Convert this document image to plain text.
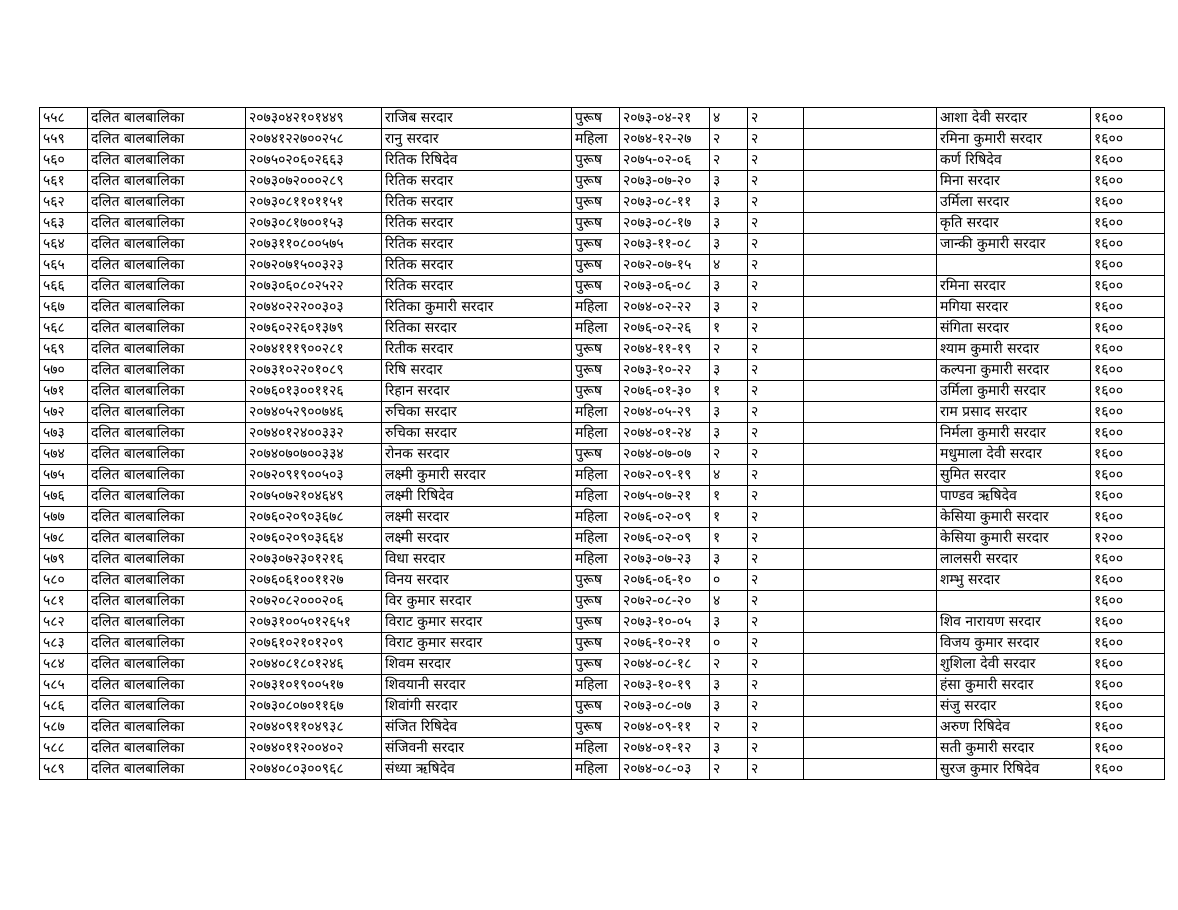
५५८	दलित बालबालिका	२०७३०४२१०१४४९	राजिब सरदार	पुरूष	२०७३-०४-२१	४	२		आशा देवी सरदार	१६००
५५९	दलित बालबालिका	२०७४१२२७००२५८	रानु सरदार	महिला	२०७४-१२-२७	२	२		रमिना कुमारी सरदार	१६००
५६०	दलित बालबालिका	२०७५०२०६०२६६३	रितिक रिषिदेव	पुरूष	२०७५-०२-०६	२	२		कर्ण रिषिदेव	१६००
५६१	दलित बालबालिका	२०७३०७२०००२८९	रितिक सरदार	पुरूष	२०७३-०७-२०	३	२		मिना सरदार	१६००
५६२	दलित बालबालिका	२०७३०८११०११५१	रितिक सरदार	पुरूष	२०७३-०८-११	३	२		उर्मिला सरदार	१६००
५६३	दलित बालबालिका	२०७३०८१७००१५३	रितिक सरदार	पुरूष	२०७३-०८-१७	३	२		कृति सरदार	१६००
५६४	दलित बालबालिका	२०७३११०८००५७५	रितिक सरदार	पुरूष	२०७३-११-०८	३	२		जान्की कुमारी सरदार	१६००
५६५	दलित बालबालिका	२०७२०७१५००३२३	रितिक सरदार	पुरूष	२०७२-०७-१५	४	२			१६००
५६६	दलित बालबालिका	२०७३०६०८०२५२२	रितिक सरदार	पुरूष	२०७३-०६-०८	३	२		रमिना सरदार	१६००
५६७	दलित बालबालिका	२०७४०२२२००३०३	रितिका कुमारी सरदार	महिला	२०७४-०२-२२	३	२		मगिया सरदार	१६००
५६८	दलित बालबालिका	२०७६०२२६०१३७९	रितिका सरदार	महिला	२०७६-०२-२६	१	२		संगिता सरदार	१६००
५६९	दलित बालबालिका	२०७४१११९००२८१	रितीक सरदार	पुरूष	२०७४-११-१९	२	२		श्याम कुमारी सरदार	१६००
५७०	दलित बालबालिका	२०७३१०२२०१०८९	रिषि सरदार	पुरूष	२०७३-१०-२२	३	२		कल्पना कुमारी सरदार	१६००
५७१	दलित बालबालिका	२०७६०१३००११२६	रिहान सरदार	पुरूष	२०७६-०१-३०	१	२		उर्मिला कुमारी सरदार	१६००
५७२	दलित बालबालिका	२०७४०५२९००७४६	रुचिका सरदार	महिला	२०७४-०५-२९	३	२		राम प्रसाद सरदार	१६००
५७३	दलित बालबालिका	२०७४०१२४००३३२	रुचिका सरदार	महिला	२०७४-०१-२४	३	२		निर्मला कुमारी सरदार	१६००
५७४	दलित बालबालिका	२०७४०७०७००३३४	रोनक सरदार	पुरूष	२०७४-०७-०७	२	२		मधुमाला देवी सरदार	१६००
५७५	दलित बालबालिका	२०७२०९१९००५०३	लक्ष्मी कुमारी सरदार	महिला	२०७२-०९-१९	४	२		सुमित सरदार	१६००
५७६	दलित बालबालिका	२०७५०७२१०४६४९	लक्ष्मी रिषिदेव	महिला	२०७५-०७-२१	१	२		पाण्डव ऋषिदेव	१६००
५७७	दलित बालबालिका	२०७६०२०९०३६७८	लक्ष्मी सरदार	महिला	२०७६-०२-०९	१	२		केसिया कुमारी सरदार	१६००
५७८	दलित बालबालिका	२०७६०२०९०३६६४	लक्ष्मी सरदार	महिला	२०७६-०२-०९	१	२		केसिया कुमारी सरदार	१२००
५७९	दलित बालबालिका	२०७३०७२३०१२१६	विधा सरदार	महिला	२०७३-०७-२३	३	२		लालसरी सरदार	१६००
५८०	दलित बालबालिका	२०७६०६१००११२७	विनय सरदार	पुरूष	२०७६-०६-१०	०	२		शम्भु सरदार	१६००
५८१	दलित बालबालिका	२०७२०८२०००२०६	विर कुमार सरदार	पुरूष	२०७२-०८-२०	४	२			१६००
५८२	दलित बालबालिका	२०७३१००५०१२६५१	विराट कुमार सरदार	पुरूष	२०७३-१०-०५	३	२		शिव नारायण सरदार	१६००
५८३	दलित बालबालिका	२०७६१०२१०१२०९	विराट कुमार सरदार	पुरूष	२०७६-१०-२१	०	२		विजय कुमार सरदार	१६००
५८४	दलित बालबालिका	२०७४०८१८०१२४६	शिवम सरदार	पुरूष	२०७४-०८-१८	२	२		शुशिला देवी सरदार	१६००
५८५	दलित बालबालिका	२०७३१०१९००५१७	शिवयानी सरदार	महिला	२०७३-१०-१९	३	२		हंसा कुमारी सरदार	१६००
५८६	दलित बालबालिका	२०७३०८०७०११६७	शिवांगी सरदार	पुरूष	२०७३-०८-०७	३	२		संजु सरदार	१६००
५८७	दलित बालबालिका	२०७४०९११०४९३८	संजित रिषिदेव	पुरूष	२०७४-०९-११	२	२		अरुण रिषिदेव	१६००
५८८	दलित बालबालिका	२०७४०११२००४०२	संजिवनी सरदार	महिला	२०७४-०१-१२	३	२		सती कुमारी सरदार	१६००
५८९	दलित बालबालिका	२०७४०८०३००९६८	संध्या ऋषिदेव	महिला	२०७४-०८-०३	२	२		सुरज कुमार रिषिदेव	१६००
